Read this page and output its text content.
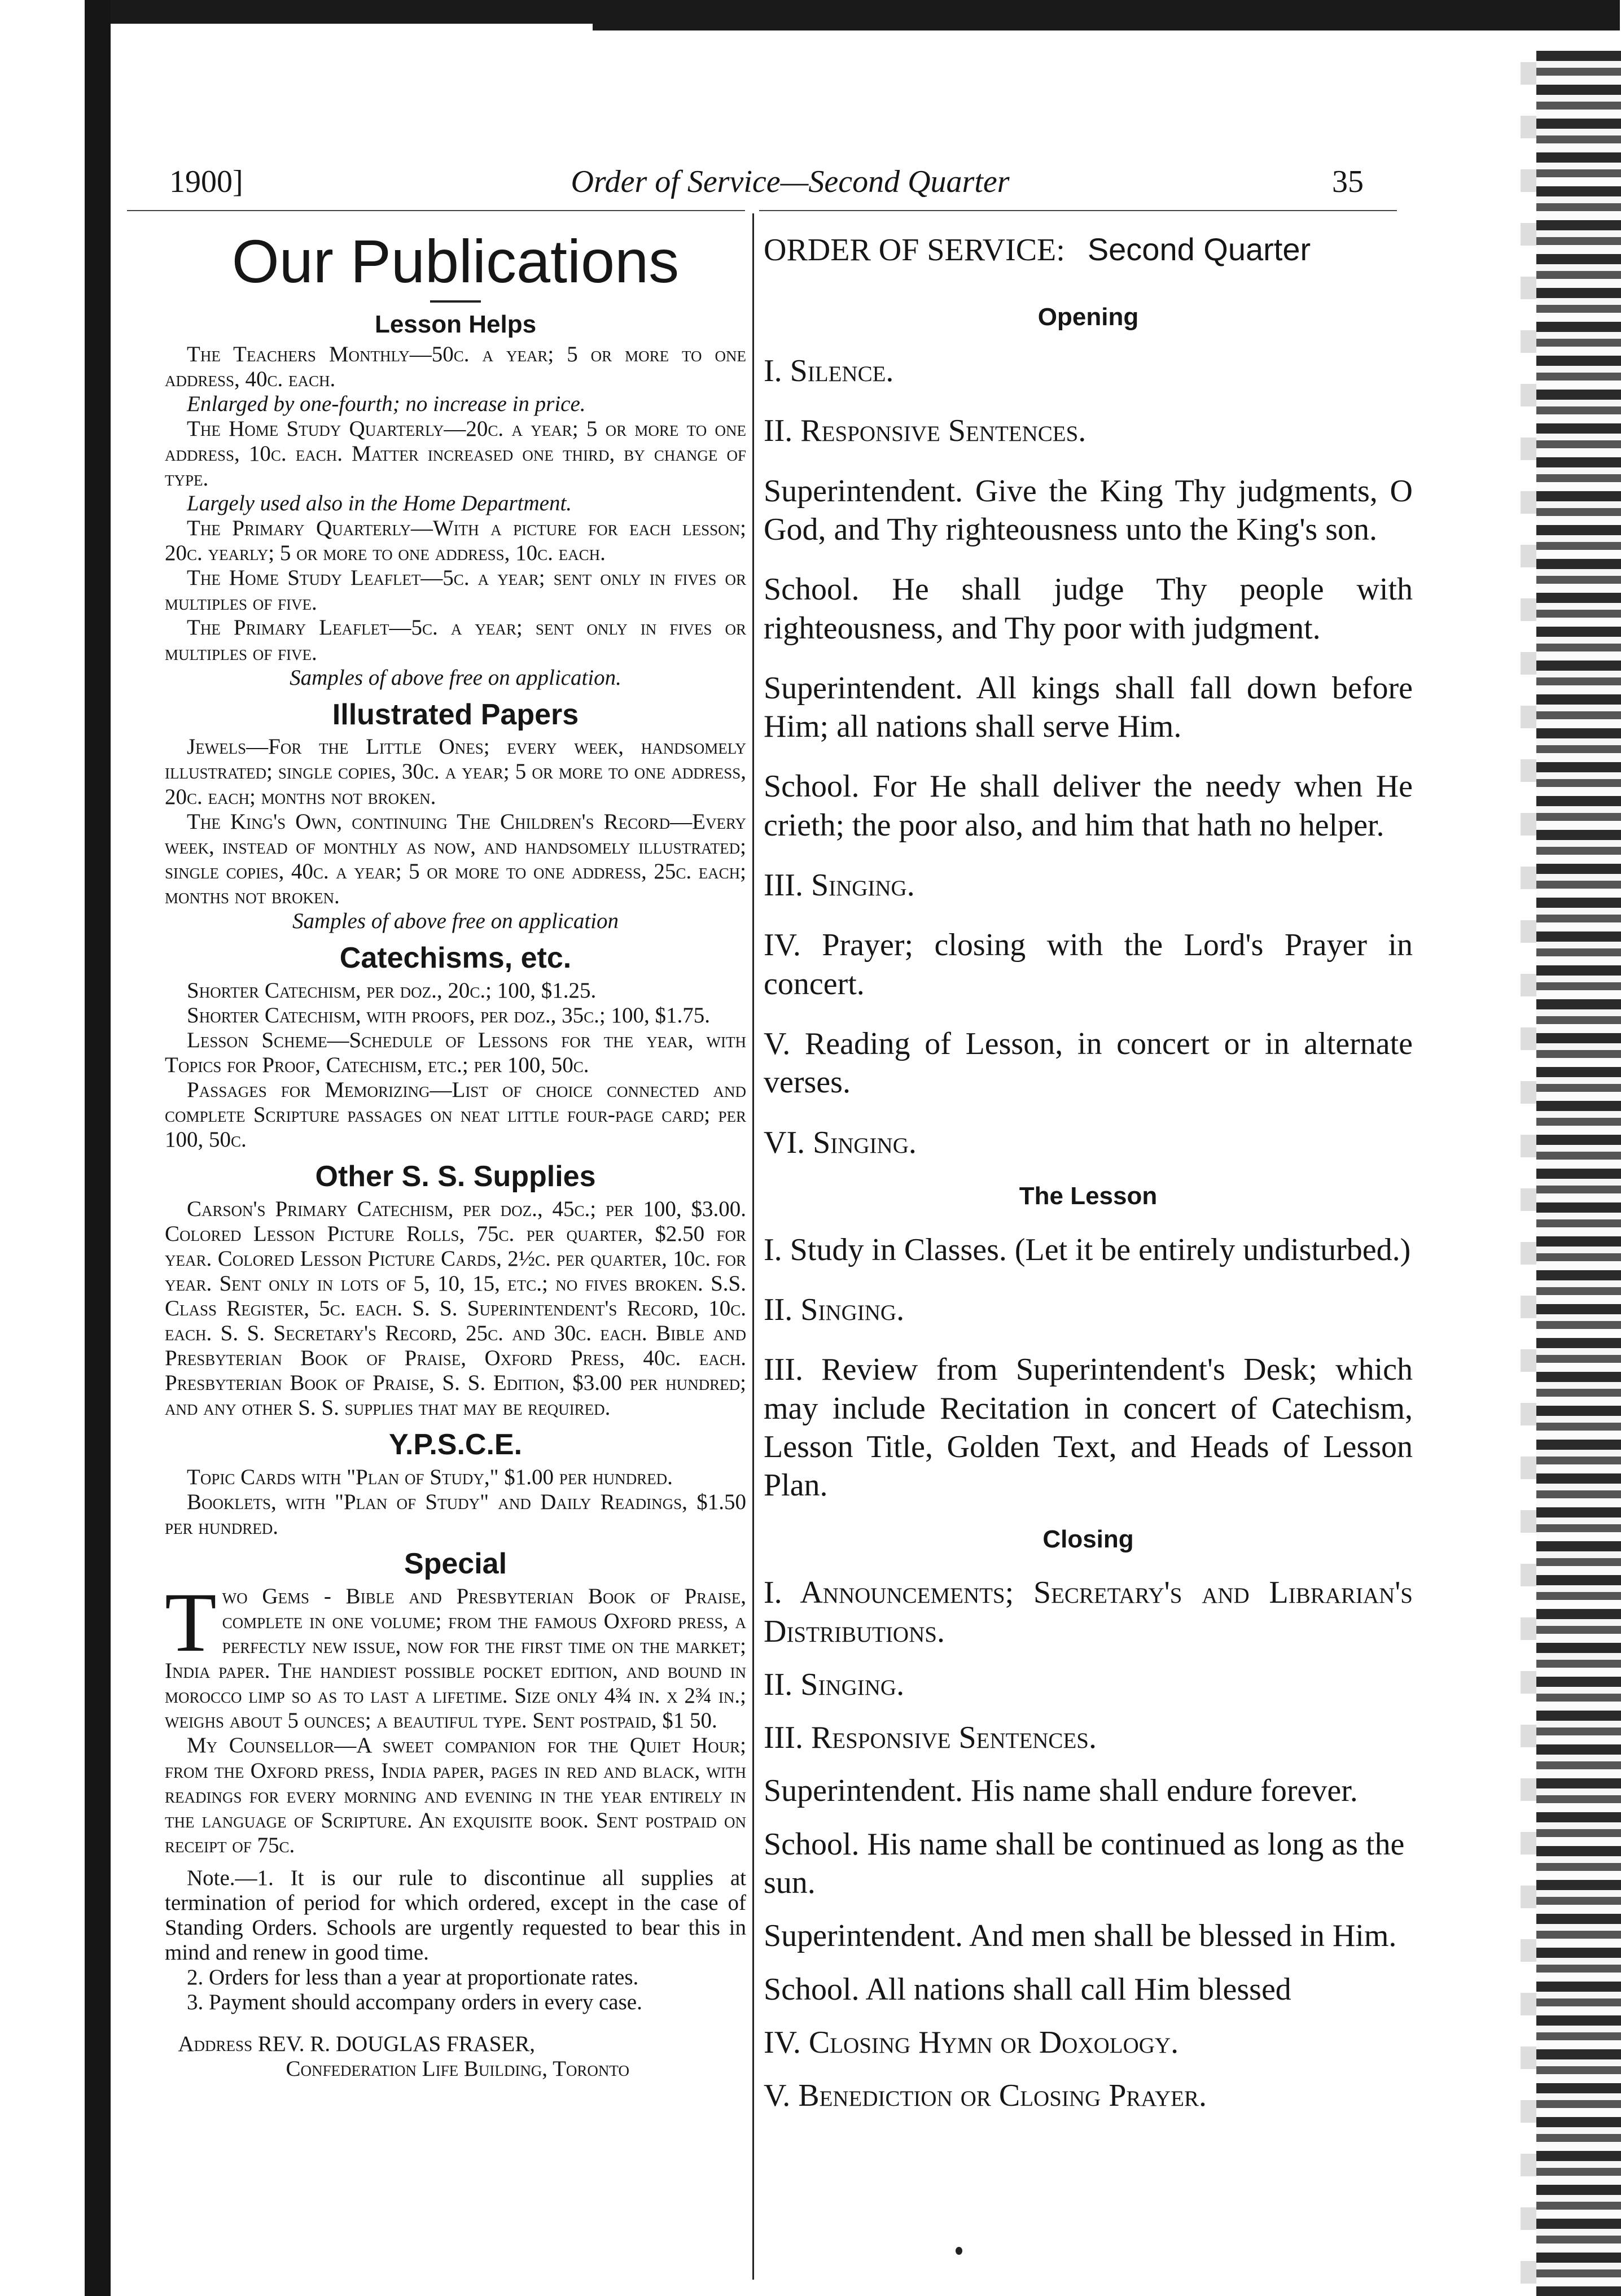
1900]	Order of Service—Second Quarter	35
Our Publications
Lesson Helps

The Teachers Monthly—50c. a year; 5 or more to one address, 40c. each.

Enlarged by one-fourth; no increase in price.

The Home Study Quarterly—20c. a year; 5 or more to one address, 10c. each. Matter increased one third, by change of type.

Largely used also in the Home Department.

The Primary Quarterly—With a picture for each lesson; 20c. yearly; 5 or more to one address, 10c. each.

The Home Study Leaflet—5c. a year; sent only in fives or multiples of five.

The Primary Leaflet—5c. a year; sent only in fives or multiples of five.

Samples of above free on application.

Illustrated Papers

Jewels—For the Little Ones; every week, handsomely illustrated; single copies, 30c. a year; 5 or more to one address, 20c. each; months not broken.

The King's Own, continuing The Children's Record—Every week, instead of monthly as now, and handsomely illustrated; single copies, 40c. a year; 5 or more to one address, 25c. each; months not broken.

Samples of above free on application

Catechisms, etc.

Shorter Catechism, per doz., 20c.; 100, $1.25.

Shorter Catechism, with proofs, per doz., 35c.; 100, $1.75.

Lesson Scheme—Schedule of Lessons for the year, with Topics for Proof, Catechism, etc.; per 100, 50c.

Passages for Memorizing—List of choice connected and complete Scripture passages on neat little four-page card; per 100, 50c.

Other S. S. Supplies

Carson's Primary Catechism, per doz., 45c.; per 100, $3.00. Colored Lesson Picture Rolls, 75c. per quarter, $2.50 for year. Colored Lesson Picture Cards, 2½c. per quarter, 10c. for year. Sent only in lots of 5, 10, 15, etc.; no fives broken. S.S. Class Register, 5c. each. S. S. Superintendent's Record, 10c. each. S. S. Secretary's Record, 25c. and 30c. each. Bible and Presbyterian Book of Praise, Oxford Press, 40c. each. Presbyterian Book of Praise, S. S. Edition, $3.00 per hundred; and any other S. S. supplies that may be required.

Y.P.S.C.E.

Topic Cards with "Plan of Study," $1.00 per hundred.

Booklets, with "Plan of Study" and Daily Readings, $1.50 per hundred.

Special

Two Gems - Bible and Presbyterian Book of Praise, complete in one volume; from the famous Oxford press, a perfectly new issue, now for the first time on the market; India paper. The handiest possible pocket edition, and bound in morocco limp so as to last a lifetime. Size only 4¾ in. x 2¾ in.; weighs about 5 ounces; a beautiful type. Sent postpaid, $1 50.

My Counsellor—A sweet companion for the Quiet Hour; from the Oxford press, India paper, pages in red and black, with readings for every morning and evening in the year entirely in the language of Scripture. An exquisite book. Sent postpaid on receipt of 75c.

Note.—1. It is our rule to discontinue all supplies at termination of period for which ordered, except in the case of Standing Orders. Schools are urgently requested to bear this in mind and renew in good time.

2. Orders for less than a year at proportionate rates.

3. Payment should accompany orders in every case.

Address REV. R. DOUGLAS FRASER,

Confederation Life Building, Toronto

ORDER OF SERVICE: Second Quarter
Opening

I. Silence.

II. Responsive Sentences.

Superintendent. Give the King Thy judgments, O God, and Thy righteousness unto the King's son.

School. He shall judge Thy people with righteousness, and Thy poor with judgment.

Superintendent. All kings shall fall down before Him; all nations shall serve Him.

School. For He shall deliver the needy when He crieth; the poor also, and him that hath no helper.

III. Singing.

IV. Prayer; closing with the Lord's Prayer in concert.

V. Reading of Lesson, in concert or in alternate verses.

VI. Singing.

The Lesson

I. Study in Classes. (Let it be entirely undisturbed.)

II. Singing.

III. Review from Superintendent's Desk; which may include Recitation in concert of Catechism, Lesson Title, Golden Text, and Heads of Lesson Plan.

Closing

I. Announcements; Secretary's and Librarian's Distributions.

II. Singing.

III. Responsive Sentences.

Superintendent. His name shall endure forever.

School. His name shall be continued as long as the sun.

Superintendent. And men shall be blessed in Him.

School. All nations shall call Him blessed

IV. Closing Hymn or Doxology.

V. Benediction or Closing Prayer.
